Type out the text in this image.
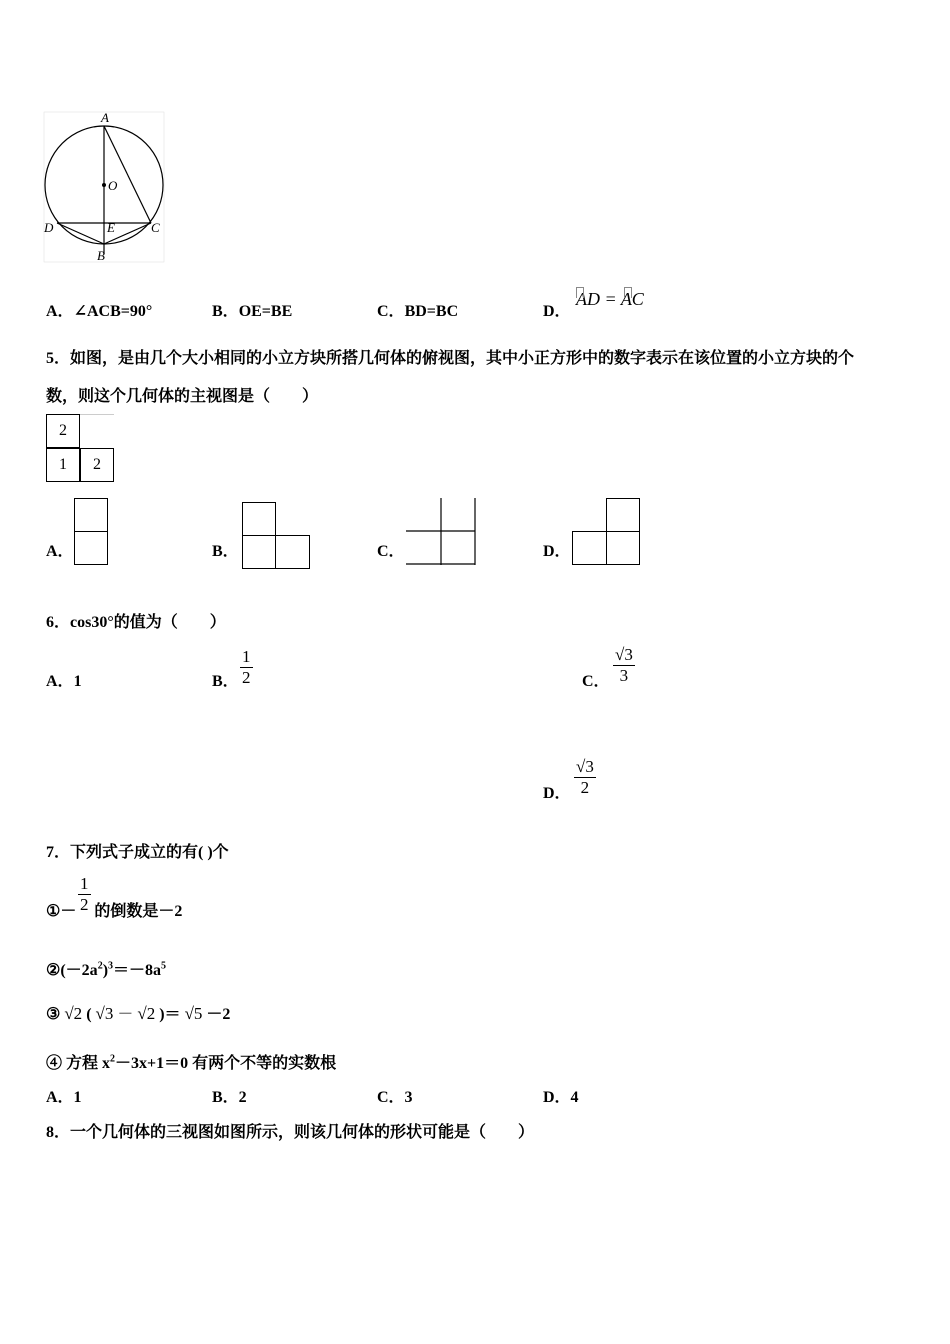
A
O
D	E	C
B
A．∠ACB=90°	B．OE=BE	C．BD=BC	D．
AD = AC
5．如图，是由几个大小相同的小立方块所搭几何体的俯视图，其中小正方形中的数字表示在该位置的小立方块的个
数，则这个几何体的主视图是（　　）
2
1	2
A．	B．	C．	D．
6．cos30°的值为（　　）
A．1	B．
1
2	C．
√3
3
D．
√3
2
7．下列式子成立的有( )个
①－ 的倒数是－2
1
2
$②(-2a^2)^3=-8a^5$
③ √2 ( √3 － √2 )＝ √5 －2
④ 方程 $x^2-3x+1=0$ 有两个不等的实数根
A．1	B．2	C．3	D．4
8．一个几何体的三视图如图所示，则该几何体的形状可能是（　　）
